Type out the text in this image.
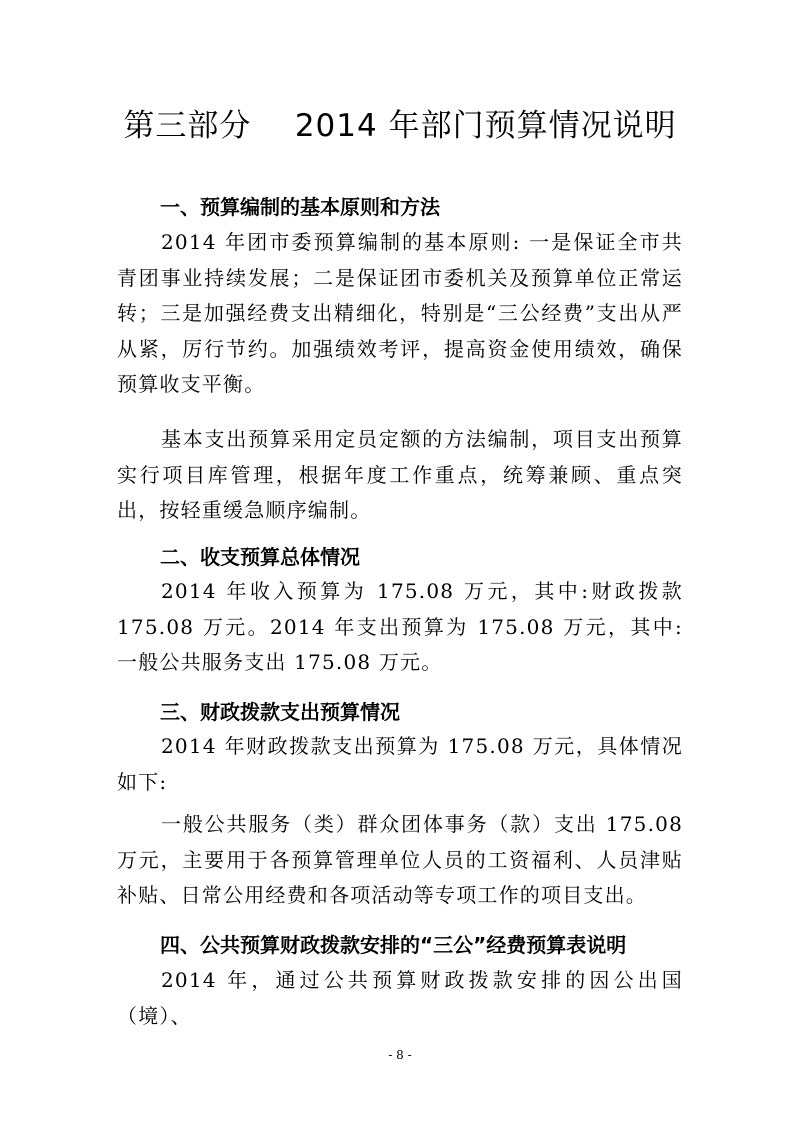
第三部分    2014 年部门预算情况说明
一、预算编制的基本原则和方法
2014 年团市委预算编制的基本原则: 一是保证全市共青团事业持续发展；二是保证团市委机关及预算单位正常运转；三是加强经费支出精细化，特别是“三公经费”支出从严从紧，厉行节约。加强绩效考评，提高资金使用绩效，确保预算收支平衡。
基本支出预算采用定员定额的方法编制，项目支出预算实行项目库管理，根据年度工作重点，统筹兼顾、重点突出，按轻重缓急顺序编制。
二、收支预算总体情况
2014 年收入预算为 175.08 万元，其中:财政拨款 175.08 万元。2014 年支出预算为 175.08 万元，其中: 一般公共服务支出 175.08 万元。
三、财政拨款支出预算情况
2014 年财政拨款支出预算为 175.08 万元，具体情况如下:
一般公共服务（类）群众团体事务（款）支出 175.08 万元，主要用于各预算管理单位人员的工资福利、人员津贴补贴、日常公用经费和各项活动等专项工作的项目支出。
四、公共预算财政拨款安排的“三公”经费预算表说明
2014 年，通过公共预算财政拨款安排的因公出国（境）、
- 8 -
